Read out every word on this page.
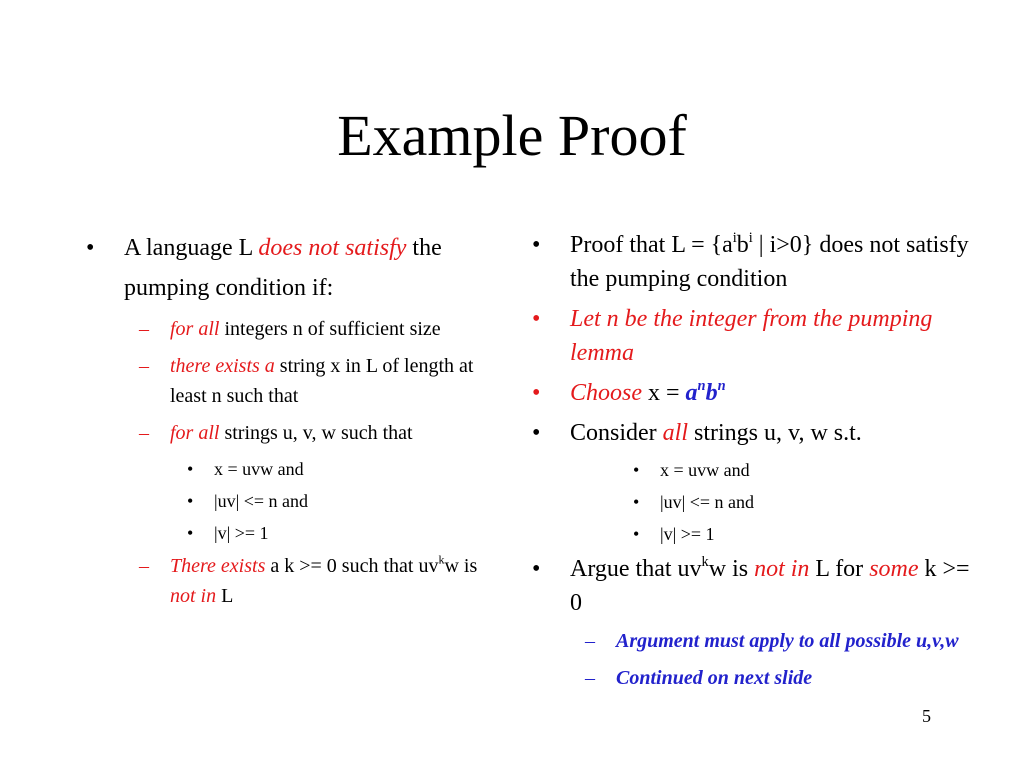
Example Proof
• A language L does not satisfy the pumping condition if:
– for all integers n of sufficient size
– there exists a string x in L of length at least n such that
– for all strings u, v, w such that
• x = uvw and
• |uv| <= n and
• |v| >= 1
– There exists a k >= 0 such that $uv^kw$ is not in L
• Proof that $L = \{a^ib^i$ | i>0} does not satisfy the pumping condition
• Let n be the integer from the pumping lemma
• Choose $x = a^nb^n$
• Consider all strings u, v, w s.t.
• x = uvw and
• |uv| <= n and
• |v| >= 1
• Argue that $uv^kw$ is not in L for some k >= 0
– Argument must apply to all possible u,v,w
– Continued on next slide
5
